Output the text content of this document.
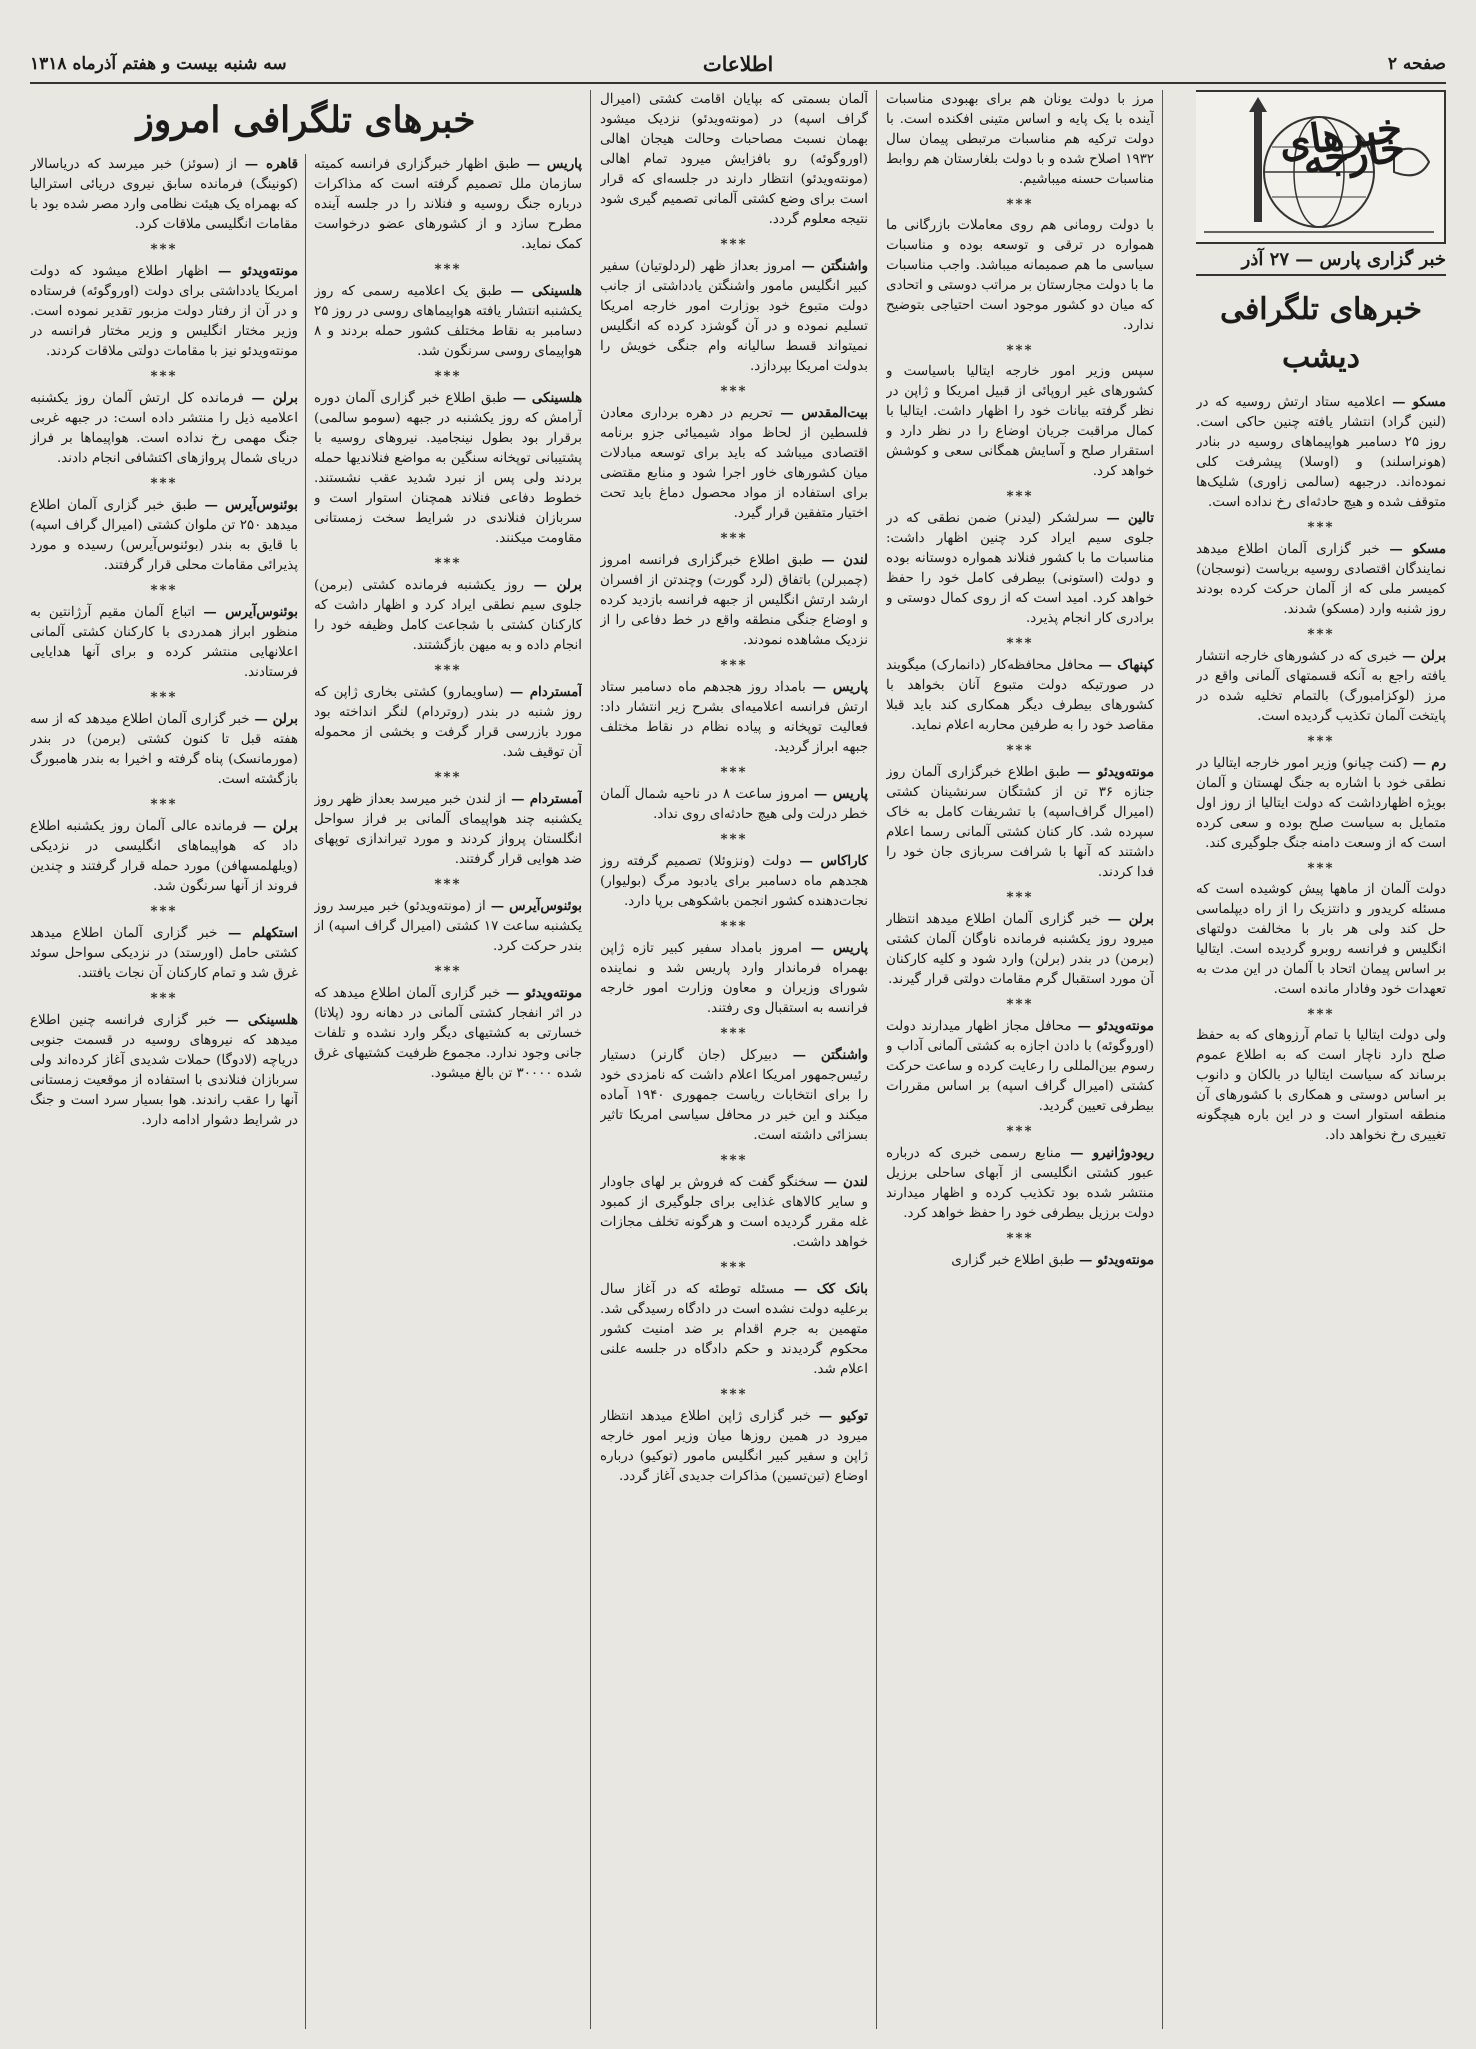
سه شنبه بیست و هفتم آذرماه ۱۳۱۸	اطلاعات	صفحه ۲
خبرهای خارجه
خبر گزاری پارس — ۲۷ آذر
خبرهای تلگرافی دیشب
مسکو — اعلامیه ستاد ارتش روسیه که در (لنین گراد) انتشار یافته چنین حاکی است. روز ۲۵ دسامبر هواپیماهای روسیه در بنادر (هونراسلند) و (اوسلا) پیشرفت کلی نموده‌اند. درجبهه (سالمی زاوری) شلیک‌ها متوقف شده و هیچ حادثه‌ای رخ نداده است.
***
مسکو — خبر گزاری آلمان اطلاع میدهد نمایندگان اقتصادی روسیه بریاست (نوسجان) کمیسر ملی که از آلمان حرکت کرده بودند روز شنبه وارد (مسکو) شدند.
***
برلن — خبری که در کشورهای خارجه انتشار یافته راجع به آنکه قسمتهای آلمانی واقع در مرز (لوکزامبورگ) بالتمام تخلیه شده در پایتخت آلمان تکذیب گردیده است.
***
رم — (کنت چیانو) وزیر امور خارجه ایتالیا در نطقی خود با اشاره به جنگ لهستان و آلمان بویژه اظهارداشت که دولت ایتالیا از روز اول متمایل به سیاست صلح بوده و سعی کرده است که از وسعت دامنه جنگ جلوگیری کند.
***
دولت آلمان از ماهها پیش کوشیده است که مسئله کریدور و دانتزیک را از راه دیپلماسی حل کند ولی هر بار با مخالفت دولتهای انگلیس و فرانسه روبرو گردیده است. ایتالیا بر اساس پیمان اتحاد با آلمان در این مدت به تعهدات خود وفادار مانده است.
***
ولی دولت ایتالیا با تمام آرزوهای که به حفظ صلح دارد ناچار است که به اطلاع عموم برساند که سیاست ایتالیا در بالکان و دانوب بر اساس دوستی و همکاری با کشورهای آن منطقه استوار است و در این باره هیچگونه تغییری رخ نخواهد داد.
مرز با دولت یونان هم برای بهبودی مناسبات آینده با یک پایه و اساس متینی افکنده است. با دولت ترکیه هم مناسبات مرتبطی پیمان سال ۱۹۳۲ اصلاح شده و با دولت بلغارستان هم روابط مناسبات حسنه میباشیم.
***
با دولت رومانی هم روی معاملات بازرگانی ما همواره در ترقی و توسعه بوده و مناسبات سیاسی ما هم صمیمانه میباشد. واجب مناسبات ما با دولت مجارستان بر مراتب دوستی و اتحادی که میان دو کشور موجود است احتیاجی بتوضیح ندارد.
***
سپس وزیر امور خارجه ایتالیا باسیاست و کشورهای غیر اروپائی از قبیل امریکا و ژاپن در نظر گرفته بیانات خود را اظهار داشت. ایتالیا با کمال مراقبت جریان اوضاع را در نظر دارد و استقرار صلح و آسایش همگانی سعی و کوشش خواهد کرد.
***
تالین — سرلشکر (لیدنر) ضمن نطقی که در جلوی سیم ایراد کرد چنین اظهار داشت: مناسبات ما با کشور فنلاند همواره دوستانه بوده و دولت (استونی) بیطرفی کامل خود را حفظ خواهد کرد. امید است که از روی کمال دوستی و برادری کار انجام پذیرد.
***
کپنهاک — محافل محافظه‌کار (دانمارک) میگویند در صورتیکه دولت متبوع آنان بخواهد با کشورهای بیطرف دیگر همکاری کند باید قبلا مقاصد خود را به طرفین محاربه اعلام نماید.
***
مونته‌ویدئو — طبق اطلاع خبرگزاری آلمان روز جنازه ۳۶ تن از کشتگان سرنشینان کشتی (امیرال گراف‌اسپه) با تشریفات کامل به خاک سپرده شد. کار کنان کشتی آلمانی رسما اعلام داشتند که آنها با شرافت سربازی جان خود را فدا کردند.
***
برلن — خبر گزاری آلمان اطلاع میدهد انتظار میرود روز یکشنبه فرمانده ناوگان آلمان کشتی (برمن) در بندر (برلن) وارد شود و کلیه کارکنان آن مورد استقبال گرم مقامات دولتی قرار گیرند.
***
مونته‌ویدئو — محافل مجاز اظهار میدارند دولت (اوروگوئه) با دادن اجازه به کشتی آلمانی آداب و رسوم بین‌المللی را رعایت کرده و ساعت حرکت کشتی (امیرال گراف اسپه) بر اساس مقررات بیطرفی تعیین گردید.
***
ریودوژانیرو — منابع رسمی خبری که درباره عبور کشتی انگلیسی از آبهای ساحلی برزیل منتشر شده بود تکذیب کرده و اظهار میدارند دولت برزیل بیطرفی خود را حفظ خواهد کرد.
***
مونته‌ویدئو — طبق اطلاع خبر گزاری
آلمان بسمتی که بپایان اقامت کشتی (امیرال گراف اسپه) در (مونته‌ویدئو) نزدیک میشود بهمان نسبت مصاحبات وحالت هیجان اهالی (اوروگوئه) رو بافزایش میرود تمام اهالی (مونته‌ویدئو) انتظار دارند در جلسه‌ای که قرار است برای وضع کشتی آلمانی تصمیم گیری شود نتیجه معلوم گردد.
***
واشنگتن — امروز بعداز ظهر (لردلوتیان) سفیر کبیر انگلیس مامور واشنگتن یادداشتی از جانب دولت متبوع خود بوزارت امور خارجه امریکا تسلیم نموده و در آن گوشزد کرده که انگلیس نمیتواند قسط سالیانه وام جنگی خویش را بدولت امریکا بپردازد.
***
بیت‌المقدس — تحریم در دهره برداری معادن فلسطین از لحاظ مواد شیمیائی جزو برنامه اقتصادی میباشد که باید برای توسعه مبادلات میان کشورهای خاور اجرا شود و منابع مقتضی برای استفاده از مواد محصول دماغ باید تحت اختیار متفقین قرار گیرد.
***
لندن — طبق اطلاع خبرگزاری فرانسه امروز (چمبرلن) باتفاق (لرد گورت) وچندتن از افسران ارشد ارتش انگلیس از جبهه فرانسه بازدید کرده و اوضاع جنگی منطقه واقع در خط دفاعی را از نزدیک مشاهده نمودند.
***
پاریس — بامداد روز هجدهم ماه دسامبر ستاد ارتش فرانسه اعلامیه‌ای بشرح زیر انتشار داد: فعالیت توپخانه و پیاده نظام در نقاط مختلف جبهه ابراز گردید.
***
پاریس — امروز ساعت ۸ در ناحیه شمال آلمان خطر درلت ولی هیچ حادثه‌ای روی نداد.
***
کاراکاس — دولت (ونزوئلا) تصمیم گرفته روز هجدهم ماه دسامبر برای یادبود مرگ (بولیوار) نجات‌دهنده کشور انجمن باشکوهی برپا دارد.
***
پاریس — امروز بامداد سفیر کبیر تازه ژاپن بهمراه فرماندار وارد پاریس شد و نماینده شورای وزیران و معاون وزارت امور خارجه فرانسه به استقبال وی رفتند.
***
واشنگتن — دبیرکل (جان گارنر) دستیار رئیس‌جمهور امریکا اعلام داشت که نامزدی خود را برای انتخابات ریاست جمهوری ۱۹۴۰ آماده میکند و این خبر در محافل سیاسی امریکا تاثیر بسزائی داشته است.
***
لندن — سخنگو گفت که فروش بر لهای جاودار و سایر کالاهای غذایی برای جلوگیری از کمبود غله مقرر گردیده است و هرگونه تخلف مجازات خواهد داشت.
***
بانک کک — مسئله توطئه که در آغاز سال برعلیه دولت نشده است در دادگاه رسیدگی شد. متهمین به جرم اقدام بر ضد امنیت کشور محکوم گردیدند و حکم دادگاه در جلسه علنی اعلام شد.
***
توکیو — خبر گزاری ژاپن اطلاع میدهد انتظار میرود در همین روزها میان وزیر امور خارجه ژاپن و سفیر کبیر انگلیس مامور (توکیو) درباره اوضاع (تین‌تسین) مذاکرات جدیدی آغاز گردد.
خبرهای تلگرافی امروز
پاریس — طبق اظهار خبرگزاری فرانسه کمیته سازمان ملل تصمیم گرفته است که مذاکرات درباره جنگ روسیه و فنلاند را در جلسه آینده مطرح سازد و از کشورهای عضو درخواست کمک نماید.
***
هلسینکی — طبق یک اعلامیه رسمی که روز یکشنبه انتشار یافته هواپیماهای روسی در روز ۲۵ دسامبر به نقاط مختلف کشور حمله بردند و ۸ هواپیمای روسی سرنگون شد.
***
هلسینکی — طبق اطلاع خبر گزاری آلمان دوره آرامش که روز یکشنبه در جبهه (سومو سالمی) برقرار بود بطول نینجامید. نیروهای روسیه با پشتیبانی توپخانه سنگین به مواضع فنلاندیها حمله بردند ولی پس از نبرد شدید عقب نشستند. خطوط دفاعی فنلاند همچنان استوار است و سربازان فنلاندی در شرایط سخت زمستانی مقاومت میکنند.
***
برلن — روز یکشنبه فرمانده کشتی (برمن) جلوی سیم نطقی ایراد کرد و اظهار داشت که کارکنان کشتی با شجاعت کامل وظیفه خود را انجام داده و به میهن بازگشتند.
***
آمستردام — (ساویمارو) کشتی بخاری ژاپن که روز شنبه در بندر (روتردام) لنگر انداخته بود مورد بازرسی قرار گرفت و بخشی از محموله آن توقیف شد.
***
آمستردام — از لندن خبر میرسد بعداز ظهر روز یکشنبه چند هواپیمای آلمانی بر فراز سواحل انگلستان پرواز کردند و مورد تیراندازی توپهای ضد هوایی قرار گرفتند.
***
بوئنوس‌آیرس — از (مونته‌ویدئو) خبر میرسد روز یکشنبه ساعت ۱۷ کشتی (امیرال گراف اسپه) از بندر حرکت کرد.
***
مونته‌ویدئو — خبر گزاری آلمان اطلاع میدهد که در اثر انفجار کشتی آلمانی در دهانه رود (پلاتا) خسارتی به کشتیهای دیگر وارد نشده و تلفات جانی وجود ندارد. مجموع ظرفیت کشتیهای غرق شده ۳۰۰۰۰ تن بالغ میشود.
قاهره — از (سوئز) خبر میرسد که دریاسالار (کونینگ) فرمانده سابق نیروی دریائی استرالیا که بهمراه یک هیئت نظامی وارد مصر شده بود با مقامات انگلیسی ملاقات کرد.
***
مونته‌ویدئو — اظهار اطلاع میشود که دولت امریکا یادداشتی برای دولت (اوروگوئه) فرستاده و در آن از رفتار دولت مزبور تقدیر نموده است. وزیر مختار انگلیس و وزیر مختار فرانسه در مونته‌ویدئو نیز با مقامات دولتی ملاقات کردند.
***
برلن — فرمانده کل ارتش آلمان روز یکشنبه اعلامیه ذیل را منتشر داده است: در جبهه غربی جنگ مهمی رخ نداده است. هواپیماها بر فراز دریای شمال پروازهای اکتشافی انجام دادند.
***
بوئنوس‌آیرس — طبق خبر گزاری آلمان اطلاع میدهد ۲۵۰ تن ملوان کشتی (امیرال گراف اسپه) با قایق به بندر (بوئنوس‌آیرس) رسیده و مورد پذیرائی مقامات محلی قرار گرفتند.
***
بوئنوس‌آیرس — اتباع آلمان مقیم آرژانتین به منظور ابراز همدردی با کارکنان کشتی آلمانی اعلانهایی منتشر کرده و برای آنها هدایایی فرستادند.
***
برلن — خبر گزاری آلمان اطلاع میدهد که از سه هفته قبل تا کنون کشتی (برمن) در بندر (مورمانسک) پناه گرفته و اخیرا به بندر هامبورگ بازگشته است.
***
برلن — فرمانده عالی آلمان روز یکشنبه اطلاع داد که هواپیماهای انگلیسی در نزدیکی (ویلهلمسهافن) مورد حمله قرار گرفتند و چندین فروند از آنها سرنگون شد.
***
استکهلم — خبر گزاری آلمان اطلاع میدهد کشتی حامل (اورستد) در نزدیکی سواحل سوئد غرق شد و تمام کارکنان آن نجات یافتند.
***
هلسینکی — خبر گزاری فرانسه چنین اطلاع میدهد که نیروهای روسیه در قسمت جنوبی دریاچه (لادوگا) حملات شدیدی آغاز کرده‌اند ولی سربازان فنلاندی با استفاده از موقعیت زمستانی آنها را عقب راندند. هوا بسیار سرد است و جنگ در شرایط دشوار ادامه دارد.
